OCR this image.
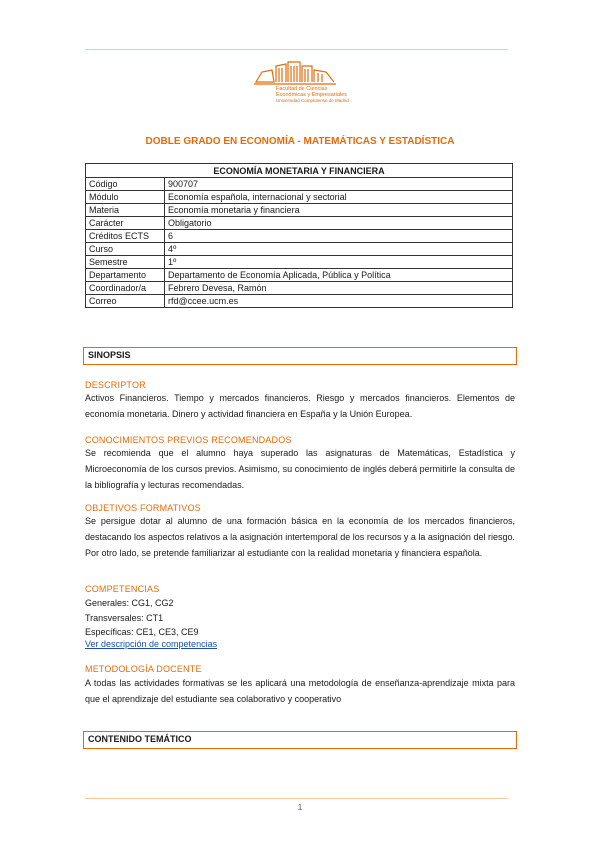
Facultad de Ciencias
Económicas y Empresariales
Universidad Complutense de Madrid
DOBLE GRADO EN ECONOMÍA - MATEMÁTICAS Y ESTADÍSTICA
ECONOMÍA MONETARIA Y FINANCIERA	
Código	900707
Módulo	Economía española, internacional y sectorial
Materia	Economía monetaria y financiera
Carácter	Obligatorio
Créditos ECTS	6
Curso	4º
Semestre	1º
Departamento	Departamento de Economía Aplicada, Pública y Política
Coordinador/a	Febrero Devesa, Ramón
Correo	rfd@ccee.ucm.es
SINOPSIS
DESCRIPTOR
Activos Financieros. Tiempo y mercados financieros. Riesgo y mercados financieros. Elementos de economía monetaria. Dinero y actividad financiera en España y la Unión Europea.
CONOCIMIENTOS PREVIOS RECOMENDADOS
Se recomienda que el alumno haya superado las asignaturas de Matemáticas, Estadística y Microeconomía de los cursos previos. Asimismo, su conocimiento de inglés deberá permitirle la consulta de la bibliografía y lecturas recomendadas.
OBJETIVOS FORMATIVOS
Se persigue dotar al alumno de una formación básica en la economía de los mercados financieros, destacando los aspectos relativos a la asignación intertemporal de los recursos y a la asignación del riesgo. Por otro lado, se pretende familiarizar al estudiante con la realidad monetaria y financiera española.
COMPETENCIAS
Generales: CG1, CG2
Transversales: CT1
Específicas: CE1, CE3, CE9
Ver descripción de competencias
METODOLOGÍA DOCENTE
A todas las actividades formativas se les aplicará una metodología de enseñanza-aprendizaje mixta para que el aprendizaje del estudiante sea colaborativo y cooperativo
CONTENIDO TEMÁTICO
1
